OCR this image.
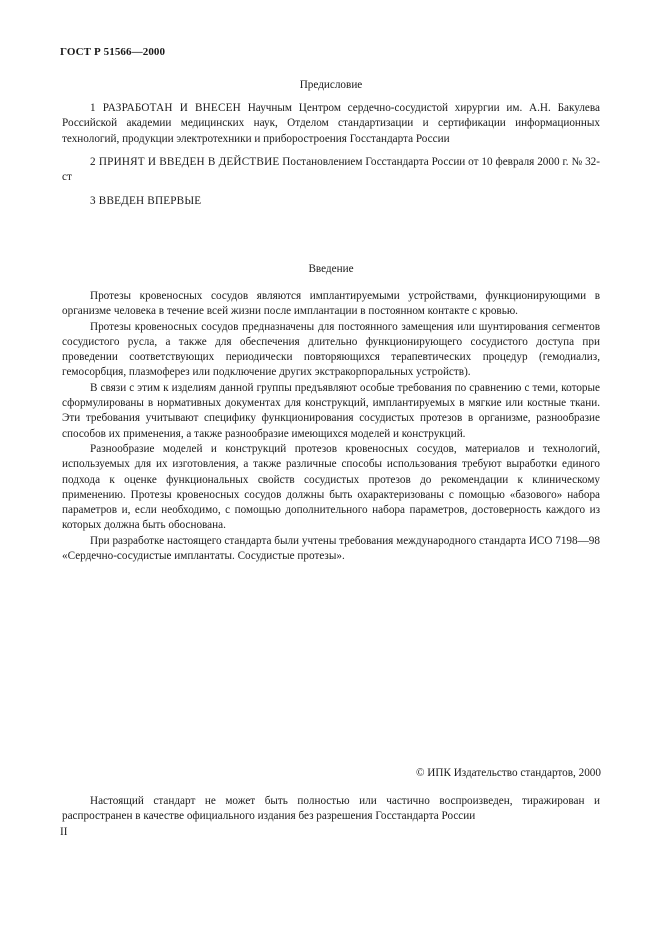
ГОСТ Р 51566—2000
Предисловие

1 РАЗРАБОТАН И ВНЕСЕН Научным Центром сердечно-сосудистой хирургии им. А.Н. Бакулева Российской академии медицинских наук, Отделом стандартизации и сертификации информационных технологий, продукции электротехники и приборостроения Госстандарта России

2 ПРИНЯТ И ВВЕДЕН В ДЕЙСТВИЕ Постановлением Госстандарта России от 10 февраля 2000 г. № 32-ст

3 ВВЕДЕН ВПЕРВЫЕ

Введение

Протезы кровеносных сосудов являются имплантируемыми устройствами, функционирующими в организме человека в течение всей жизни после имплантации в постоянном контакте с кровью.

Протезы кровеносных сосудов предназначены для постоянного замещения или шунтирования сегментов сосудистого русла, а также для обеспечения длительно функционирующего сосудистого доступа при проведении соответствующих периодически повторяющихся терапевтических процедур (гемодиализ, гемосорбция, плазмоферез или подключение других экстракорпоральных устройств).

В связи с этим к изделиям данной группы предъявляют особые требования по сравнению с теми, которые сформулированы в нормативных документах для конструкций, имплантируемых в мягкие или костные ткани. Эти требования учитывают специфику функционирования сосудистых протезов в организме, разнообразие способов их применения, а также разнообразие имеющихся моделей и конструкций.

Разнообразие моделей и конструкций протезов кровеносных сосудов, материалов и технологий, используемых для их изготовления, а также различные способы использования требуют выработки единого подхода к оценке функциональных свойств сосудистых протезов до рекомендации к клиническому применению. Протезы кровеносных сосудов должны быть охарактеризованы с помощью «базового» набора параметров и, если необходимо, с помощью дополнительного набора параметров, достоверность каждого из которых должна быть обоснована.

При разработке настоящего стандарта были учтены требования международного стандарта ИСО 7198—98 «Сердечно-сосудистые имплантаты. Сосудистые протезы».

© ИПК Издательство стандартов, 2000

Настоящий стандарт не может быть полностью или частично воспроизведен, тиражирован и распространен в качестве официального издания без разрешения Госстандарта России

II
